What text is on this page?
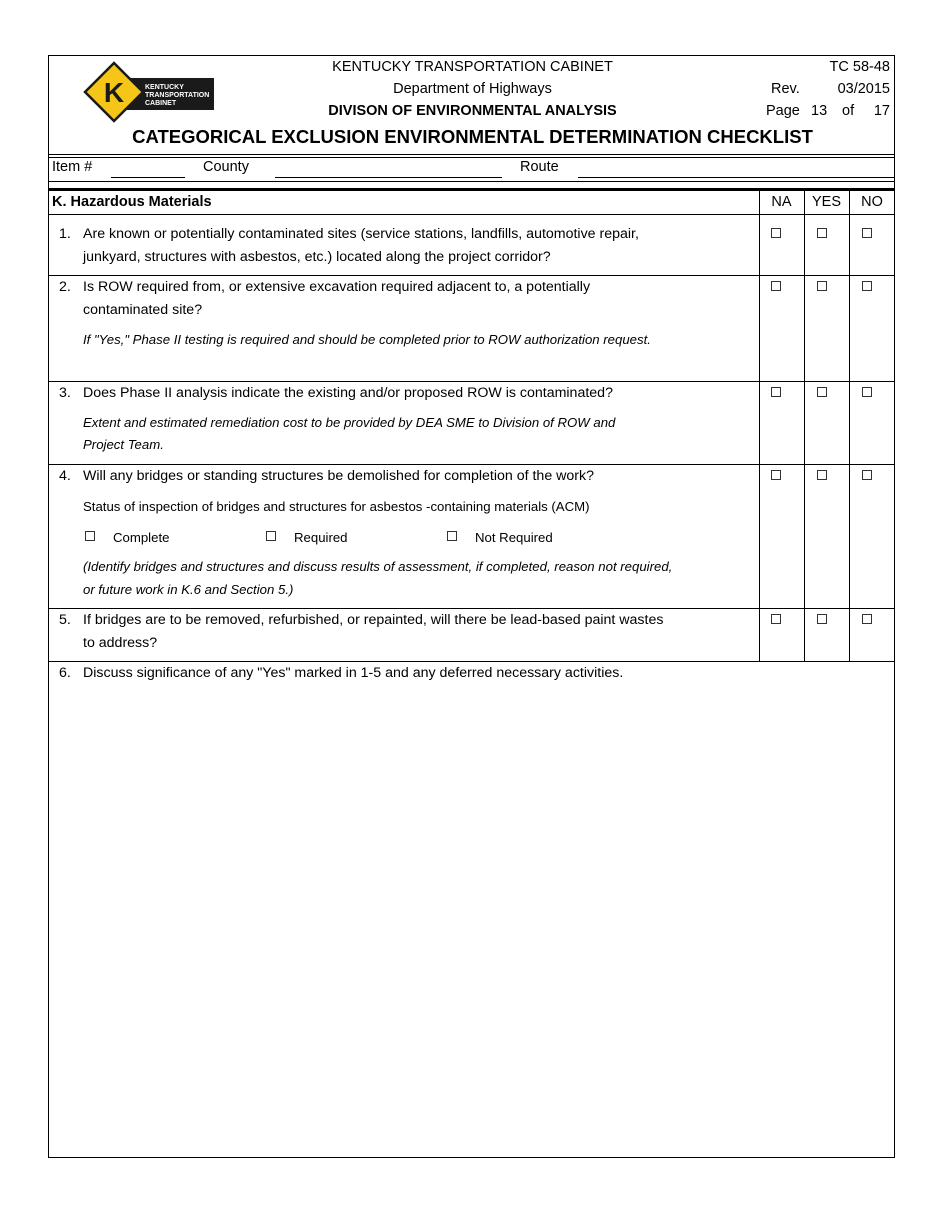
K	KENTUCKY
TRANSPORTATION
CABINET
KENTUCKY TRANSPORTATION CABINET
Department of Highways
DIVISON OF ENVIRONMENTAL ANALYSIS
TC 58-48
Rev.	03/2015
Page 13 of 17
CATEGORICAL EXCLUSION ENVIRONMENTAL DETERMINATION CHECKLIST
Item #	County	Route
K. Hazardous Materials	NA	YES	NO
1. Are known or potentially contaminated sites (service stations, landfills, automotive repair,
junkyard, structures with asbestos, etc.) located along the project corridor?
2. Is ROW required from, or extensive excavation required adjacent to, a potentially
contaminated site?
If "Yes," Phase II testing is required and should be completed prior to ROW authorization request.
3. Does Phase II analysis indicate the existing and/or proposed ROW is contaminated?
Extent and estimated remediation cost to be provided by DEA SME to Division of ROW and
Project Team.
4. Will any bridges or standing structures be demolished for completion of the work?
Status of inspection of bridges and structures for asbestos -containing materials (ACM)
Complete	Required	Not Required
(Identify bridges and structures and discuss results of assessment, if completed, reason not required,
or future work in K.6 and Section 5.)
5. If bridges are to be removed, refurbished, or repainted, will there be lead-based paint wastes
to address?
6. Discuss significance of any "Yes" marked in 1-5 and any deferred necessary activities.
